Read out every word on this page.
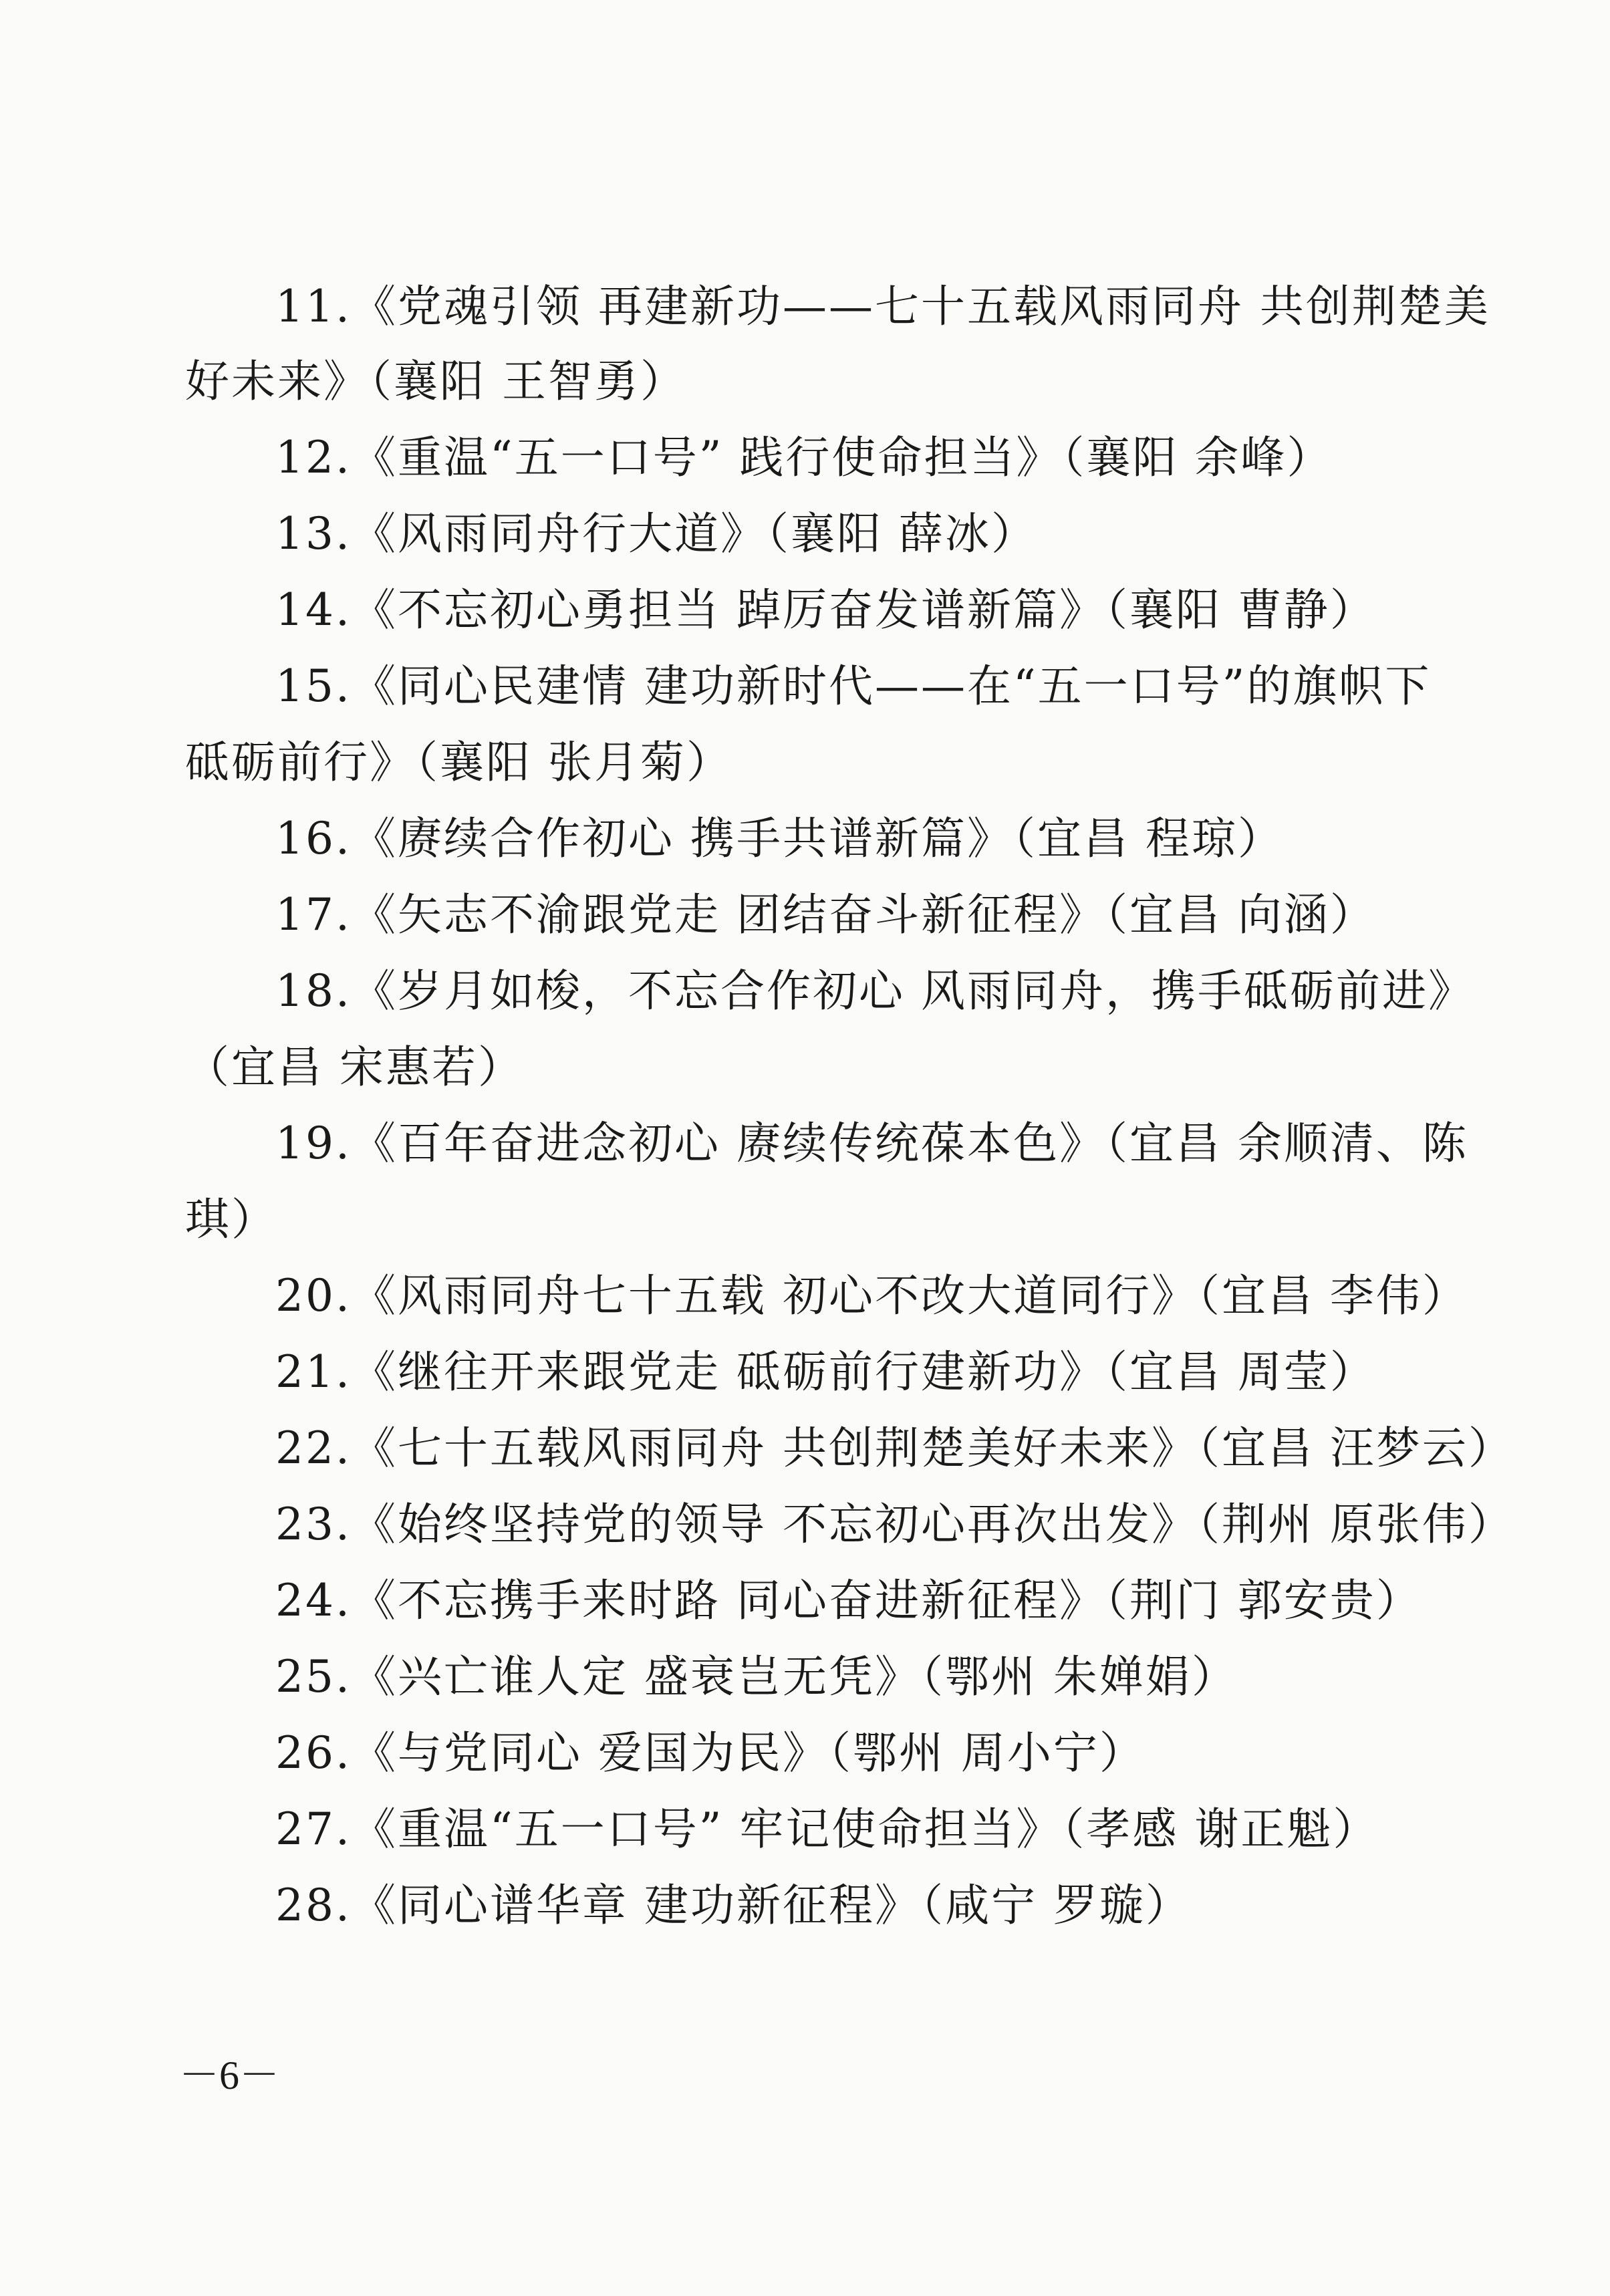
11.《党魂引领 再建新功——七十五载风雨同舟 共创荆楚美
好未来》（襄阳 王智勇）
12.《重温“五一口号” 践行使命担当》（襄阳 余峰）
13.《风雨同舟行大道》（襄阳 薛冰）
14.《不忘初心勇担当 踔厉奋发谱新篇》（襄阳 曹静）
15.《同心民建情 建功新时代——在“五一口号”的旗帜下
砥砺前行》（襄阳 张月菊）
16.《赓续合作初心 携手共谱新篇》（宜昌 程琼）
17.《矢志不渝跟党走 团结奋斗新征程》（宜昌 向涵）
18.《岁月如梭，不忘合作初心 风雨同舟，携手砥砺前进》
（宜昌 宋惠若）
19.《百年奋进念初心 赓续传统葆本色》（宜昌 余顺清、陈
琪）
20.《风雨同舟七十五载 初心不改大道同行》（宜昌 李伟）
21.《继往开来跟党走 砥砺前行建新功》（宜昌 周莹）
22.《七十五载风雨同舟 共创荆楚美好未来》（宜昌 汪梦云）
23.《始终坚持党的领导 不忘初心再次出发》（荆州 原张伟）
24.《不忘携手来时路 同心奋进新征程》（荆门 郭安贵）
25.《兴亡谁人定 盛衰岂无凭》（鄂州 朱婵娟）
26.《与党同心 爱国为民》（鄂州 周小宁）
27.《重温“五一口号” 牢记使命担当》（孝感 谢正魁）
28.《同心谱华章 建功新征程》（咸宁 罗璇）
－6－
